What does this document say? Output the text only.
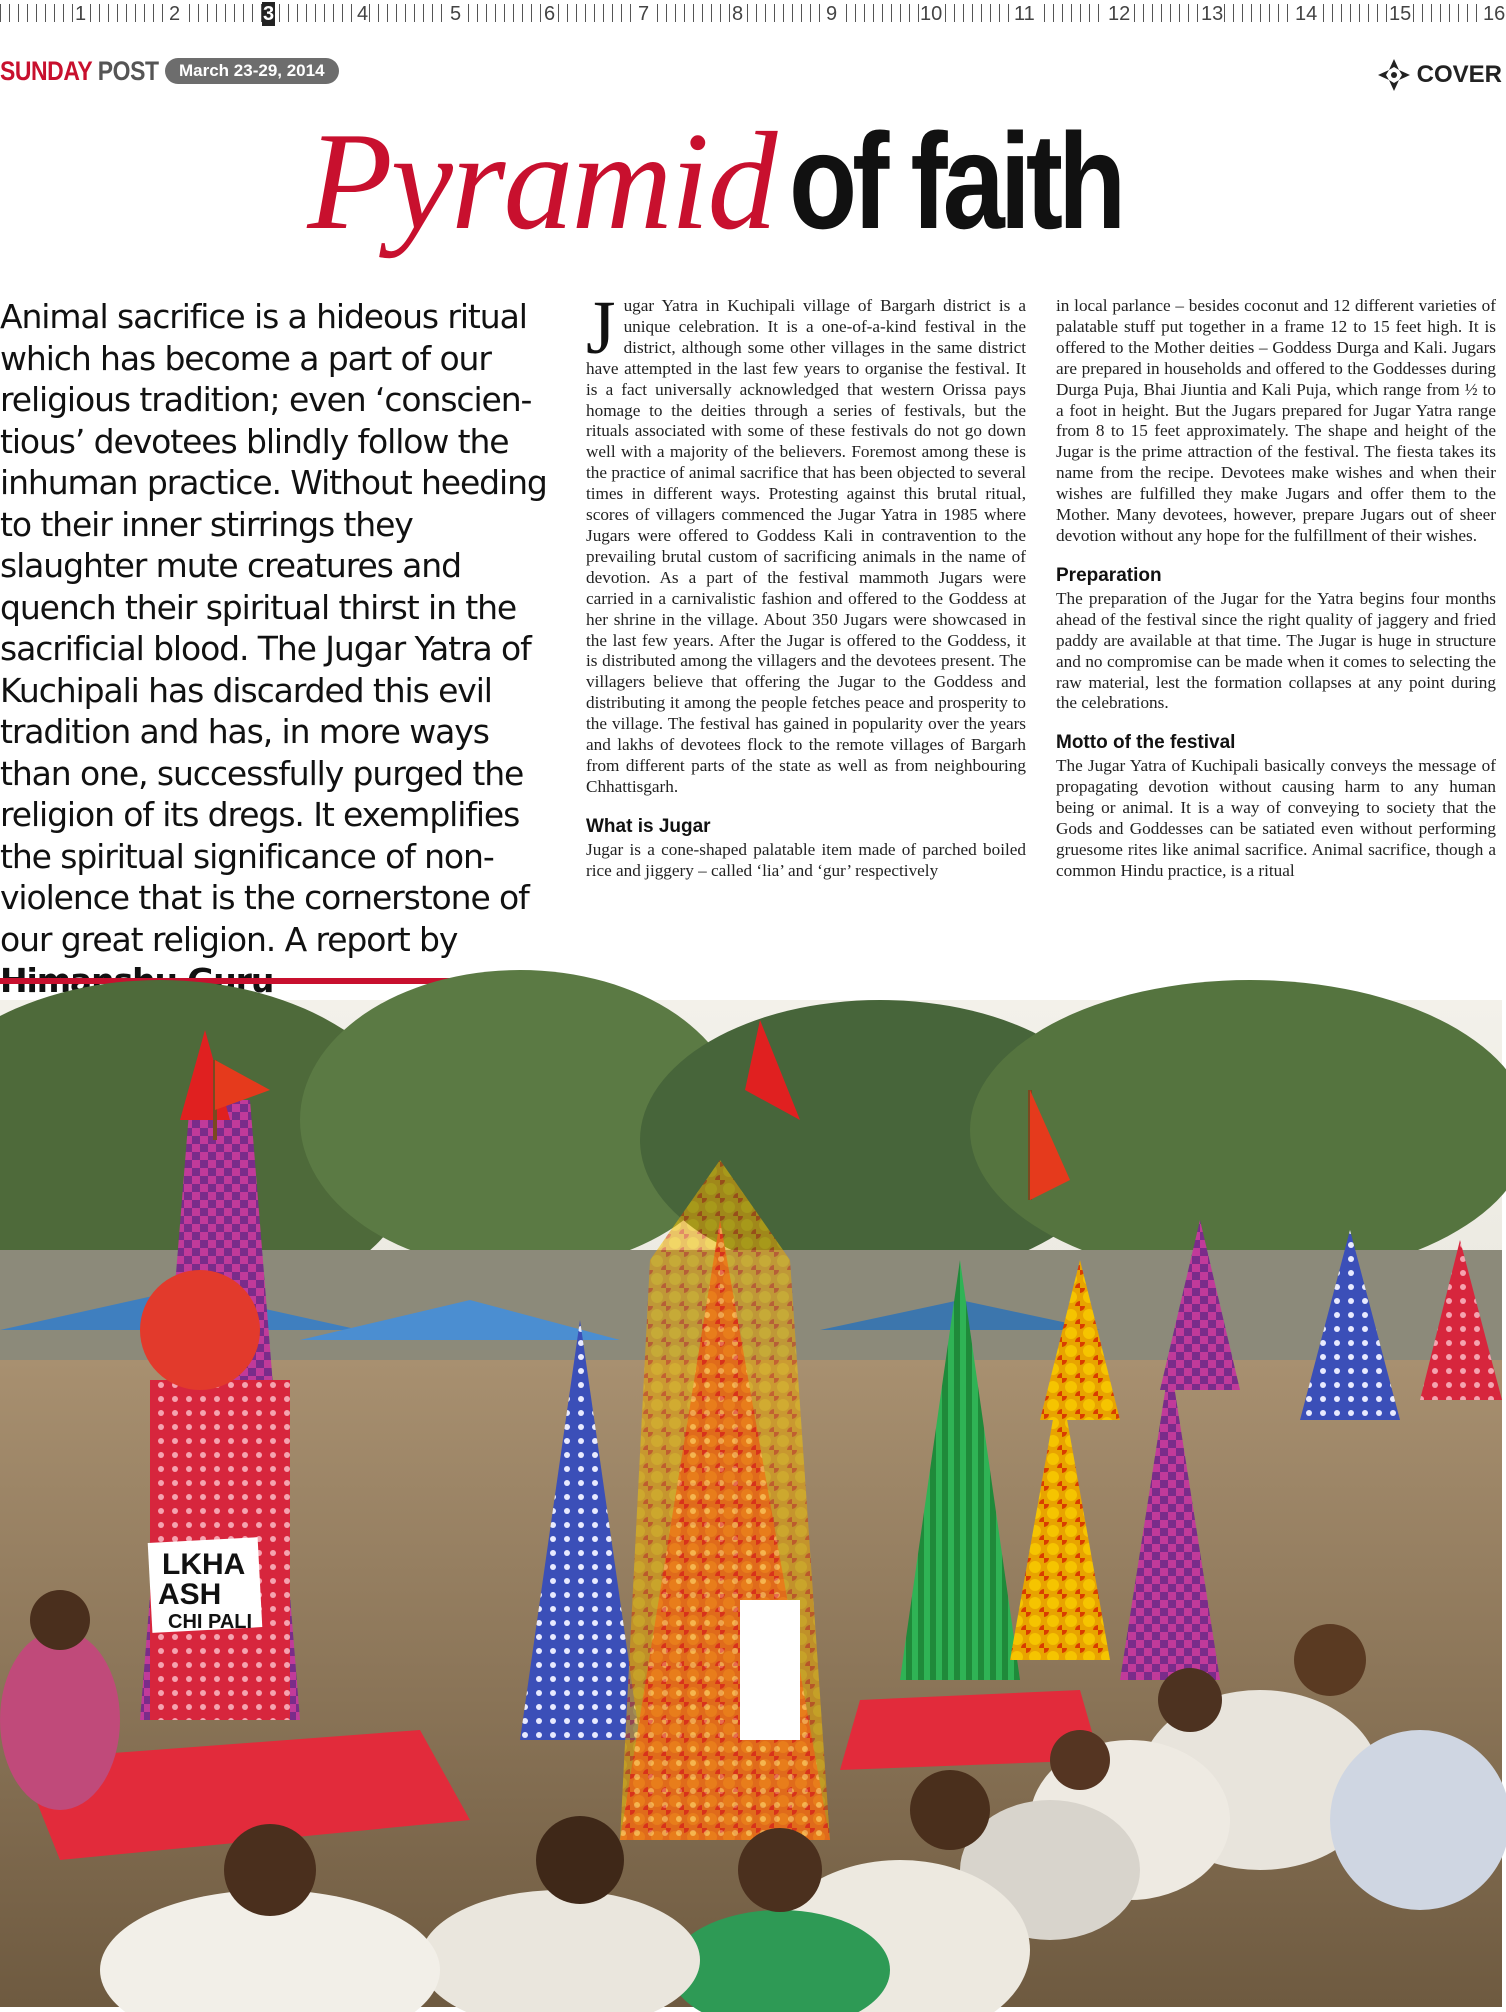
1	2	3	4	5	6	7	8	9	10	11	12	13	14	15	16
SUNDAY POST	March 23-29, 2014	COVER
Pyramid of faith
Animal sacrifice is a hideous ritual which has become a part of our religious tradition; even ‘conscien-tious’ devotees blindly follow the inhuman practice. Without heeding to their inner stirrings they slaughter mute creatures and quench their spiritual thirst in the sacrificial blood. The Jugar Yatra of Kuchipali has discarded this evil tradition and has, in more ways than one, successfully purged the religion of its dregs. It exemplifies the spiritual significance of non-violence that is the cornerstone of our great religion. A report by

Jugar Yatra in Kuchipali village of Bargarh district is a unique celebration. It is a one-of-a-kind festival in the district, although some other villages in the same district have attempted in the last few years to organise the festival. It is a fact universally acknowledged that western Orissa pays homage to the deities through a series of festivals, but the rituals associated with some of these festivals do not go down well with a majority of the believers. Foremost among these is the practice of animal sacrifice that has been objected to several times in different ways. Protesting against this brutal ritual, scores of villagers commenced the Jugar Yatra in 1985 where Jugars were offered to Goddess Kali in contravention to the prevailing brutal custom of sacrificing animals in the name of devotion. As a part of the festival mammoth Jugars were carried in a carnivalistic fashion and offered to the Goddess at her shrine in the village. About 350 Jugars were showcased in the last few years. After the Jugar is offered to the Goddess, it is distributed among the villagers and the devotees present. The villagers believe that offering the Jugar to the Goddess and distributing it among the people fetches peace and prosperity to the village. The festival has gained in popularity over the years and lakhs of devotees flock to the remote villages of Bargarh from different parts of the state as well as from neighbouring Chhattisgarh.

What is Jugar

Jugar is a cone-shaped palatable item made of parched boiled rice and jiggery – called ‘lia’ and ‘gur’ respectively

in local parlance – besides coconut and 12 different varieties of palatable stuff put together in a frame 12 to 15 feet high. It is offered to the Mother deities – Goddess Durga and Kali. Jugars are prepared in households and offered to the Goddesses during Durga Puja, Bhai Jiuntia and Kali Puja, which range from ½ to a foot in height. But the Jugars prepared for Jugar Yatra range from 8 to 15 feet approximately. The shape and height of the Jugar is the prime attraction of the festival. The fiesta takes its name from the recipe. Devotees make wishes and when their wishes are fulfilled they make Jugars and offer them to the Mother. Many devotees, however, prepare Jugars out of sheer devotion without any hope for the fulfillment of their wishes.

Preparation

The preparation of the Jugar for the Yatra begins four months ahead of the festival since the right quality of jaggery and fried paddy are available at that time. The Jugar is huge in structure and no compromise can be made when it comes to selecting the raw material, lest the formation collapses at any point during the celebrations.

Motto of the festival

The Jugar Yatra of Kuchipali basically conveys the message of propagating devotion without causing harm to any human being or animal. It is a way of conveying to society that the Gods and Goddesses can be satiated even without performing gruesome rites like animal sacrifice. Animal sacrifice, though a common Hindu practice, is a ritual

LKHA
ASH
CHI PALI
